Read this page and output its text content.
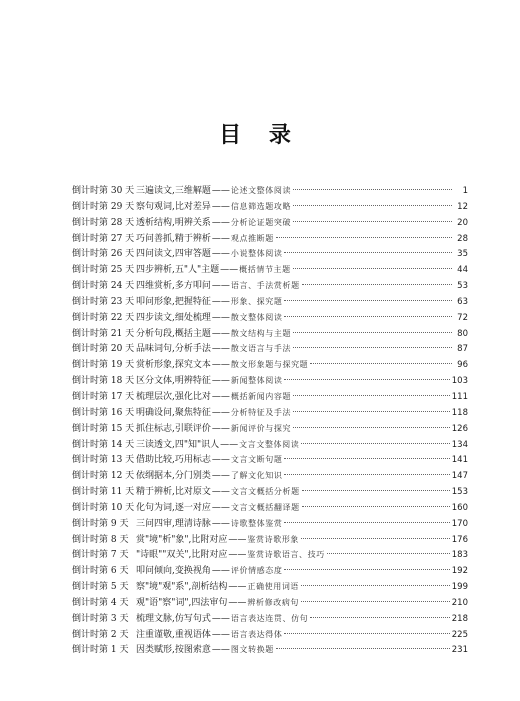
目 录
倒计时第 30 天 三遍读文,三维解题 —— 论述文整体阅读	1
倒计时第 29 天 察句观词,比对差异 —— 信息筛选题攻略	12
倒计时第 28 天 透析结构,明辨关系 —— 分析论证题突破	20
倒计时第 27 天 巧问善抓,精于辨析 —— 观点推断题	28
倒计时第 26 天 四问读文,四审答题 —— 小说整体阅读	35
倒计时第 25 天 四步辨析,五"人"主题 —— 概括情节主题	44
倒计时第 24 天 四维赏析,多方叩问 —— 语言、手法赏析题	53
倒计时第 23 天 叩问形象,把握特征 —— 形象、探究题	63
倒计时第 22 天 四步读文,细处梳理 —— 散文整体阅读	72
倒计时第 21 天 分析句段,概括主题 —— 散文结构与主题	80
倒计时第 20 天 品味词句,分析手法 —— 散文语言与手法	87
倒计时第 19 天 赏析形象,探究文本 —— 散文形象题与探究题	96
倒计时第 18 天 区分文体,明辨特征 —— 新闻整体阅读	103
倒计时第 17 天 梳理层次,强化比对 —— 概括新闻内容题	111
倒计时第 16 天 明确设问,聚焦特征 —— 分析特征及手法	118
倒计时第 15 天 抓住标志,引联评价 —— 新闻评价与探究	126
倒计时第 14 天 三读透文,四"知"识人 —— 文言文整体阅读	134
倒计时第 13 天 借助比较,巧用标志 —— 文言文断句题	141
倒计时第 12 天 依纲据本,分门别类 —— 了解文化知识	147
倒计时第 11 天 精于辨析,比对原文 —— 文言文概括分析题	153
倒计时第 10 天 化句为词,逐一对应 —— 文言文概括翻译题	160
倒计时第 9 天 三问四审,理清诗脉 —— 诗歌整体鉴赏	170
倒计时第 8 天 赏"境"析"象",比附对应 —— 鉴赏诗歌形象	176
倒计时第 7 天 "诗眼""双关",比附对应 —— 鉴赏诗歌语言、技巧	183
倒计时第 6 天 叩问倾向,变换视角 —— 评价情感态度	192
倒计时第 5 天 察"境"观"系",剖析结构 —— 正确使用词语	199
倒计时第 4 天 观"语"察"词",四法审句 —— 辨析修改病句	210
倒计时第 3 天 梳理文脉,仿写句式 —— 语言表达连贯、仿句	218
倒计时第 2 天 注重谨敬,重视语体 —— 语言表达得体	225
倒计时第 1 天 因类赋形,按图索意 —— 图文转换题	231
